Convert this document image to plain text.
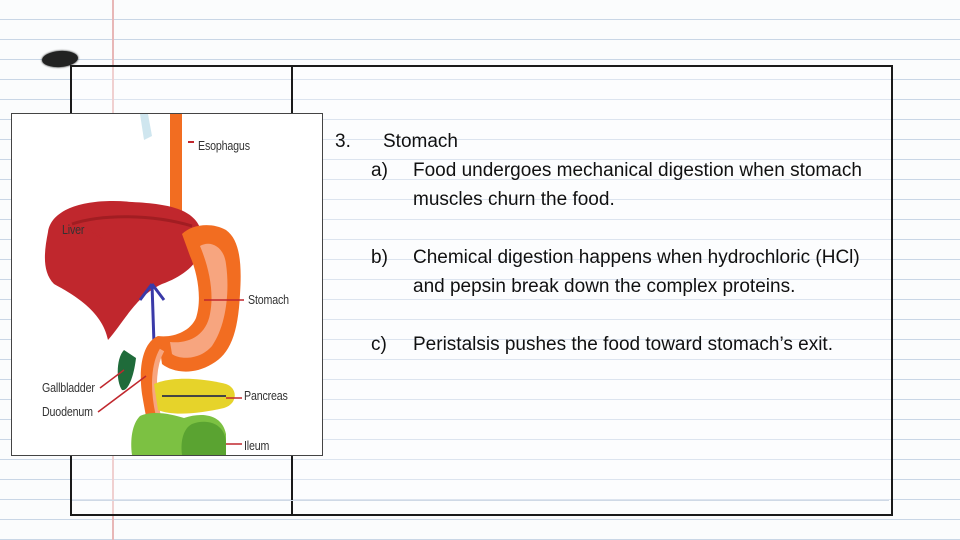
Esophagus
Liver
Stomach
Gallbladder
Duodenum
Pancreas
Ileum
3.	Stomach
a)	Food undergoes mechanical digestion when stomach muscles churn the food.
b)	Chemical digestion happens when hydrochloric (HCl) and pepsin break down the complex proteins.
c)	Peristalsis pushes the food toward stomach’s exit.
